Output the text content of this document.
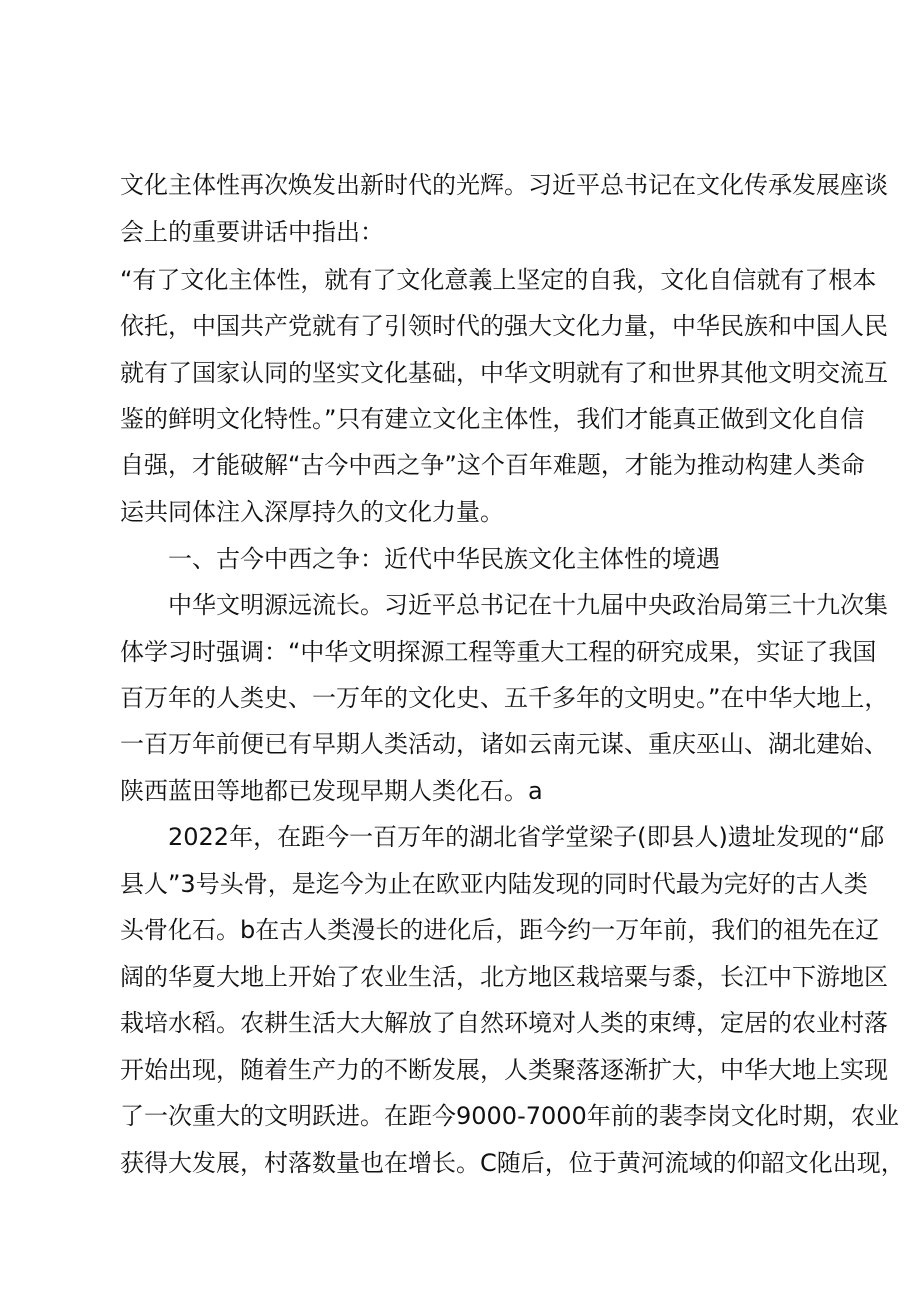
文化主体性再次焕发出新时代的光辉。习近平总书记在文化传承发展座谈
会上的重要讲话中指出：
“有了文化主体性，就有了文化意義上坚定的自我，文化自信就有了根本
依托，中国共产党就有了引领时代的强大文化力量，中华民族和中国人民
就有了国家认同的坚实文化基础，中华文明就有了和世界其他文明交流互
鉴的鲜明文化特性。”只有建立文化主体性，我们才能真正做到文化自信
自强，才能破解“古今中西之争”这个百年难题，才能为推动构建人类命
运共同体注入深厚持久的文化力量。
一、古今中西之争：近代中华民族文化主体性的境遇
中华文明源远流长。习近平总书记在十九届中央政治局第三十九次集
体学习时强调：“中华文明探源工程等重大工程的研究成果，实证了我国
百万年的人类史、一万年的文化史、五千多年的文明史。”在中华大地上，
一百万年前便已有早期人类活动，诸如云南元谋、重庆巫山、湖北建始、
陕西蓝田等地都已发现早期人类化石。a
2022年，在距今一百万年的湖北省学堂梁子(即县人)遗址发现的“郈
县人”3号头骨，是迄今为止在欧亚内陆发现的同时代最为完好的古人类
头骨化石。b在古人类漫长的进化后，距今约一万年前，我们的祖先在辽
阔的华夏大地上开始了农业生活，北方地区栽培粟与黍，长江中下游地区
栽培水稻。农耕生活大大解放了自然环境对人类的束缚，定居的农业村落
开始出现，随着生产力的不断发展，人类聚落逐渐扩大，中华大地上实现
了一次重大的文明跃进。在距今9000-7000年前的裴李岗文化时期，农业
获得大发展，村落数量也在增长。C随后，位于黄河流域的仰韶文化出现，
